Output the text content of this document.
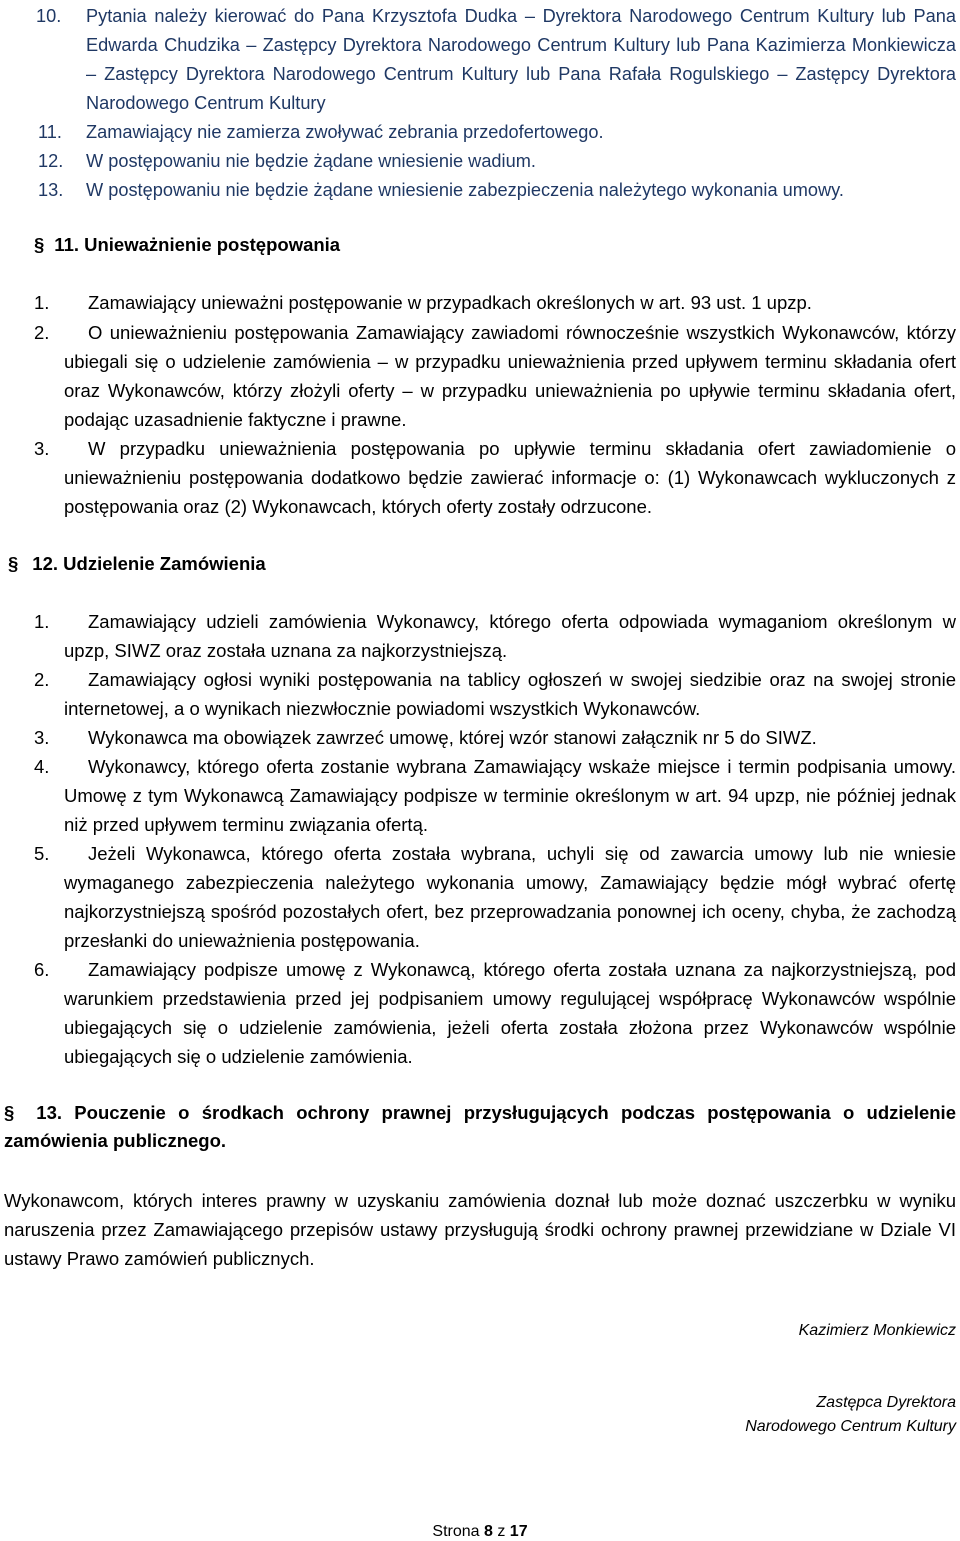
10.	Pytania należy kierować do Pana Krzysztofa Dudka – Dyrektora Narodowego Centrum Kultury lub Pana Edwarda Chudzika – Zastępcy Dyrektora Narodowego Centrum Kultury lub Pana Kazimierza Monkiewicza – Zastępcy Dyrektora Narodowego Centrum Kultury lub Pana Rafała Rogulskiego – Zastępcy Dyrektora Narodowego Centrum Kultury
11.	Zamawiający nie zamierza zwoływać zebrania przedofertowego.
12.	W postępowaniu nie będzie żądane wniesienie wadium.
13.	W postępowaniu nie będzie żądane wniesienie zabezpieczenia należytego wykonania umowy.
§ 11. Unieważnienie postępowania
1.	Zamawiający unieważni postępowanie w przypadkach określonych w art. 93 ust. 1 upzp.
2.	O unieważnieniu postępowania Zamawiający zawiadomi równocześnie wszystkich Wykonawców, którzy ubiegali się o udzielenie zamówienia – w przypadku unieważnienia przed upływem terminu składania ofert oraz Wykonawców, którzy złożyli oferty – w przypadku unieważnienia po upływie terminu składania ofert, podając uzasadnienie faktyczne i prawne.
3.	W przypadku unieważnienia postępowania po upływie terminu składania ofert zawiadomienie o unieważnieniu postępowania dodatkowo będzie zawierać informacje o: (1) Wykonawcach wykluczonych z postępowania oraz (2) Wykonawcach, których oferty zostały odrzucone.
§ 12. Udzielenie Zamówienia
1.	Zamawiający udzieli zamówienia Wykonawcy, którego oferta odpowiada wymaganiom określonym w upzp, SIWZ oraz została uznana za najkorzystniejszą.
2.	Zamawiający ogłosi wyniki postępowania na tablicy ogłoszeń w swojej siedzibie oraz na swojej stronie internetowej, a o wynikach niezwłocznie powiadomi wszystkich Wykonawców.
3.	Wykonawca ma obowiązek zawrzeć umowę, której wzór stanowi załącznik nr 5 do SIWZ.
4.	Wykonawcy, którego oferta zostanie wybrana Zamawiający wskaże miejsce i termin podpisania umowy. Umowę z tym Wykonawcą Zamawiający podpisze w terminie określonym w art. 94 upzp, nie później jednak niż przed upływem terminu związania ofertą.
5.	Jeżeli Wykonawca, którego oferta została wybrana, uchyli się od zawarcia umowy lub nie wniesie wymaganego zabezpieczenia należytego wykonania umowy, Zamawiający będzie mógł wybrać ofertę najkorzystniejszą spośród pozostałych ofert, bez przeprowadzania ponownej ich oceny, chyba, że zachodzą przesłanki do unieważnienia postępowania.
6.	Zamawiający podpisze umowę z Wykonawcą, którego oferta została uznana za najkorzystniejszą, pod warunkiem przedstawienia przed jej podpisaniem umowy regulującej współpracę Wykonawców wspólnie ubiegających się o udzielenie zamówienia, jeżeli oferta została złożona przez Wykonawców wspólnie ubiegających się o udzielenie zamówienia.
§ 13. Pouczenie o środkach ochrony prawnej przysługujących podczas postępowania o udzielenie zamówienia publicznego.
Wykonawcom, których interes prawny w uzyskaniu zamówienia doznał lub może doznać uszczerbku w wyniku naruszenia przez Zamawiającego przepisów ustawy przysługują środki ochrony prawnej przewidziane w Dziale VI ustawy Prawo zamówień publicznych.
Kazimierz Monkiewicz
Zastępca Dyrektora
Narodowego Centrum Kultury
Strona 8 z 17
